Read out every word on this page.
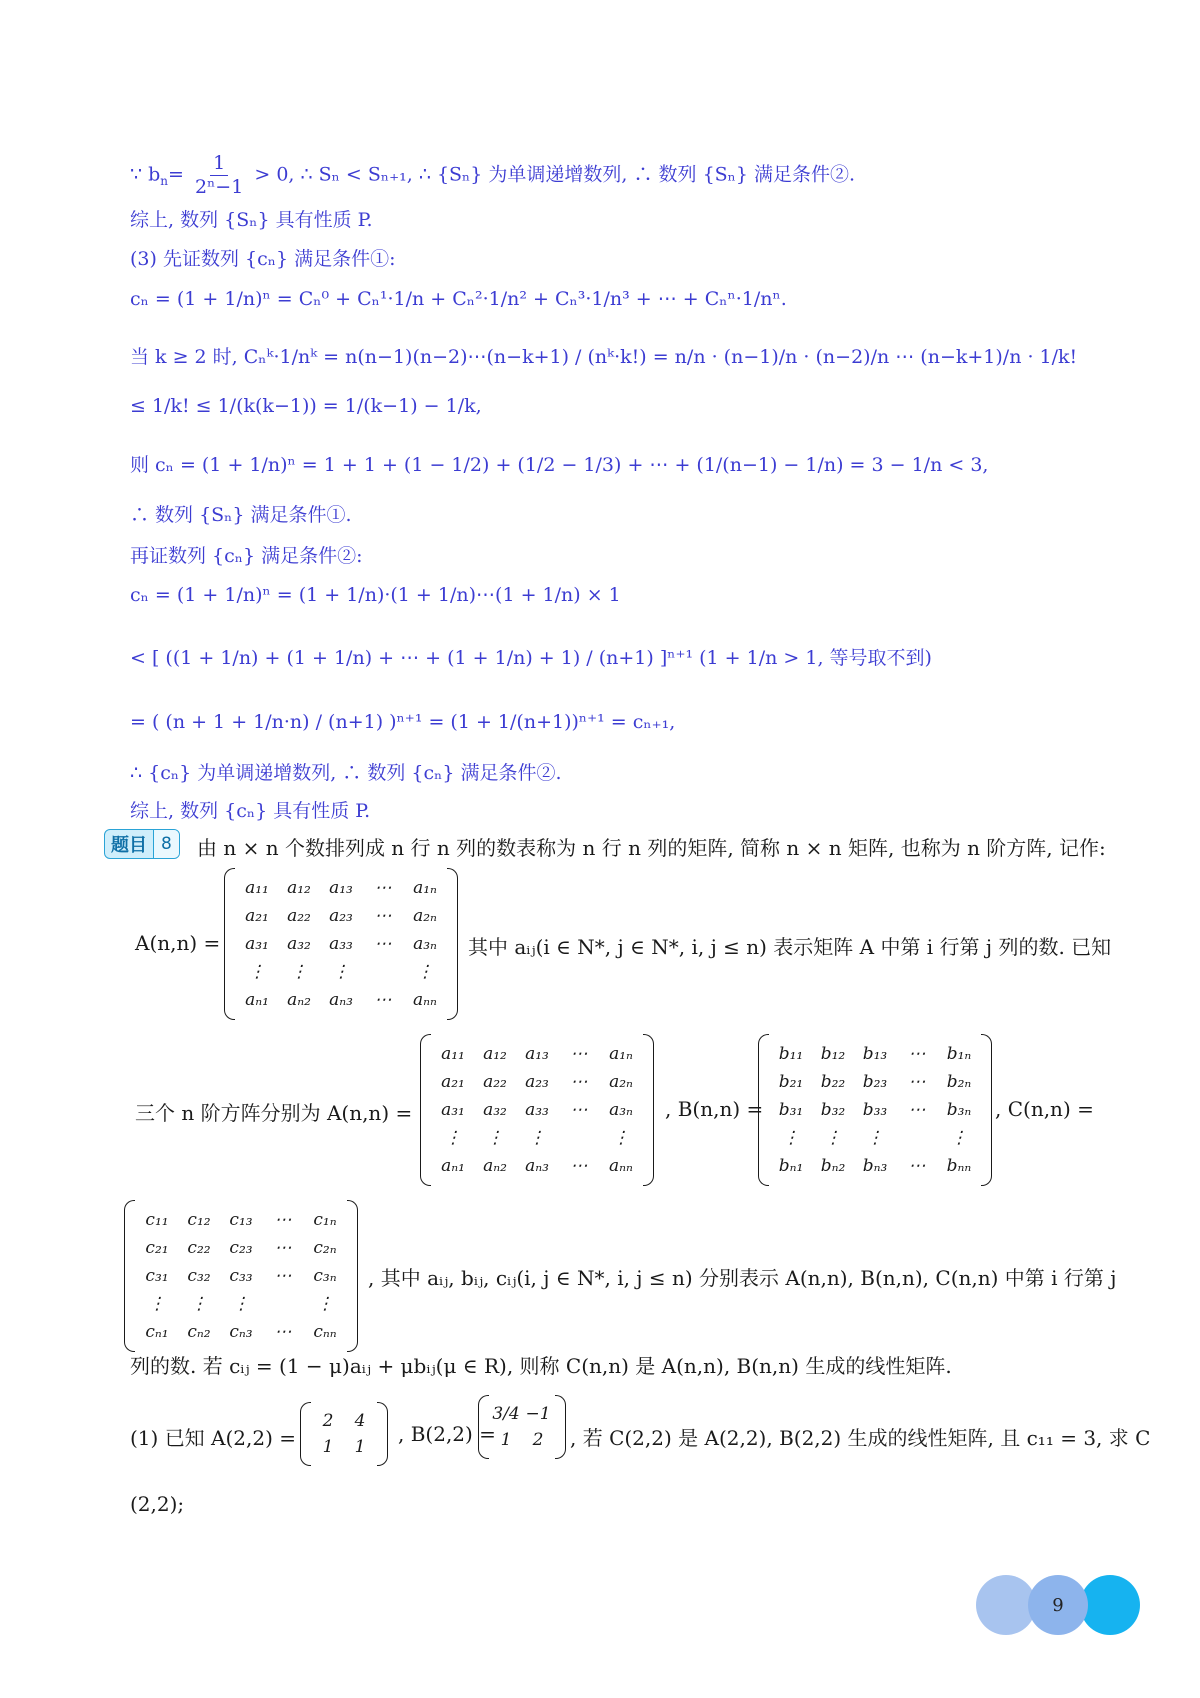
∵ $b_n= \frac{1}{\text{2ⁿ−1}} > 0$, ∴ Sₙ < Sₙ₊₁, ∴ {Sₙ} 为单调递增数列, ∴ 数列 {Sₙ} 满足条件②.
综上, 数列 {Sₙ} 具有性质 P.
(3) 先证数列 {cₙ} 满足条件①:
cₙ = (1 + 1/n)ⁿ = Cₙ⁰ + Cₙ¹·1/n + Cₙ²·1/n² + Cₙ³·1/n³ + ⋯ + Cₙⁿ·1/nⁿ.
当 k ≥ 2 时, Cₙᵏ·1/nᵏ = n(n−1)(n−2)⋯(n−k+1) / (nᵏ·k!) = n/n · (n−1)/n · (n−2)/n ⋯ (n−k+1)/n · 1/k!
≤ 1/k! ≤ 1/(k(k−1)) = 1/(k−1) − 1/k,
则 cₙ = (1 + 1/n)ⁿ = 1 + 1 + (1 − 1/2) + (1/2 − 1/3) + ⋯ + (1/(n−1) − 1/n) = 3 − 1/n < 3,
∴ 数列 {Sₙ} 满足条件①.
再证数列 {cₙ} 满足条件②:
cₙ = (1 + 1/n)ⁿ = (1 + 1/n)·(1 + 1/n)⋯(1 + 1/n) × 1
< [ ((1 + 1/n) + (1 + 1/n) + ⋯ + (1 + 1/n) + 1) / (n+1) ]ⁿ⁺¹ (1 + 1/n > 1, 等号取不到)
= ( (n + 1 + 1/n·n) / (n+1) )ⁿ⁺¹ = (1 + 1/(n+1))ⁿ⁺¹ = cₙ₊₁,
∴ {cₙ} 为单调递增数列, ∴ 数列 {cₙ} 满足条件②.
综上, 数列 {cₙ} 具有性质 P.
题目 8	由 n × n 个数排列成 n 行 n 列的数表称为 n 行 n 列的矩阵, 简称 n × n 矩阵, 也称为 n 阶方阵, 记作:
A(n,n) =
a₁₁ a₁₂ a₁₃ ⋯ a₁ₙ
a₂₁ a₂₂ a₂₃ ⋯ a₂ₙ
a₃₁ a₃₂ a₃₃ ⋯ a₃ₙ
⋮ ⋮ ⋮	⋮
aₙ₁ aₙ₂ aₙ₃ ⋯ aₙₙ
其中 aᵢⱼ(i ∈ N*, j ∈ N*, i, j ≤ n) 表示矩阵 A 中第 i 行第 j 列的数. 已知
三个 n 阶方阵分别为 A(n,n) =
a₁₁ a₁₂ a₁₃ ⋯ a₁ₙ
a₂₁ a₂₂ a₂₃ ⋯ a₂ₙ
a₃₁ a₃₂ a₃₃ ⋯ a₃ₙ
⋮ ⋮ ⋮	⋮
aₙ₁ aₙ₂ aₙ₃ ⋯ aₙₙ
, B(n,n) =
b₁₁ b₁₂ b₁₃ ⋯ b₁ₙ
b₂₁ b₂₂ b₂₃ ⋯ b₂ₙ
b₃₁ b₃₂ b₃₃ ⋯ b₃ₙ
⋮ ⋮ ⋮	⋮
bₙ₁ bₙ₂ bₙ₃ ⋯ bₙₙ
, C(n,n) =
c₁₁ c₁₂ c₁₃ ⋯ c₁ₙ
c₂₁ c₂₂ c₂₃ ⋯ c₂ₙ
c₃₁ c₃₂ c₃₃ ⋯ c₃ₙ
⋮ ⋮ ⋮	⋮
cₙ₁ cₙ₂ cₙ₃ ⋯ cₙₙ
, 其中 aᵢⱼ, bᵢⱼ, cᵢⱼ(i, j ∈ N*, i, j ≤ n) 分别表示 A(n,n), B(n,n), C(n,n) 中第 i 行第 j
列的数. 若 cᵢⱼ = (1 − μ)aᵢⱼ + μbᵢⱼ(μ ∈ R), 则称 C(n,n) 是 A(n,n), B(n,n) 生成的线性矩阵.
(1) 已知 A(2,2) =
2 4
1 1
, B(2,2) =
3/4 −1
1 2 , 若 C(2,2) 是 A(2,2), B(2,2) 生成的线性矩阵, 且 c₁₁ = 3, 求 C
(2,2);
9
